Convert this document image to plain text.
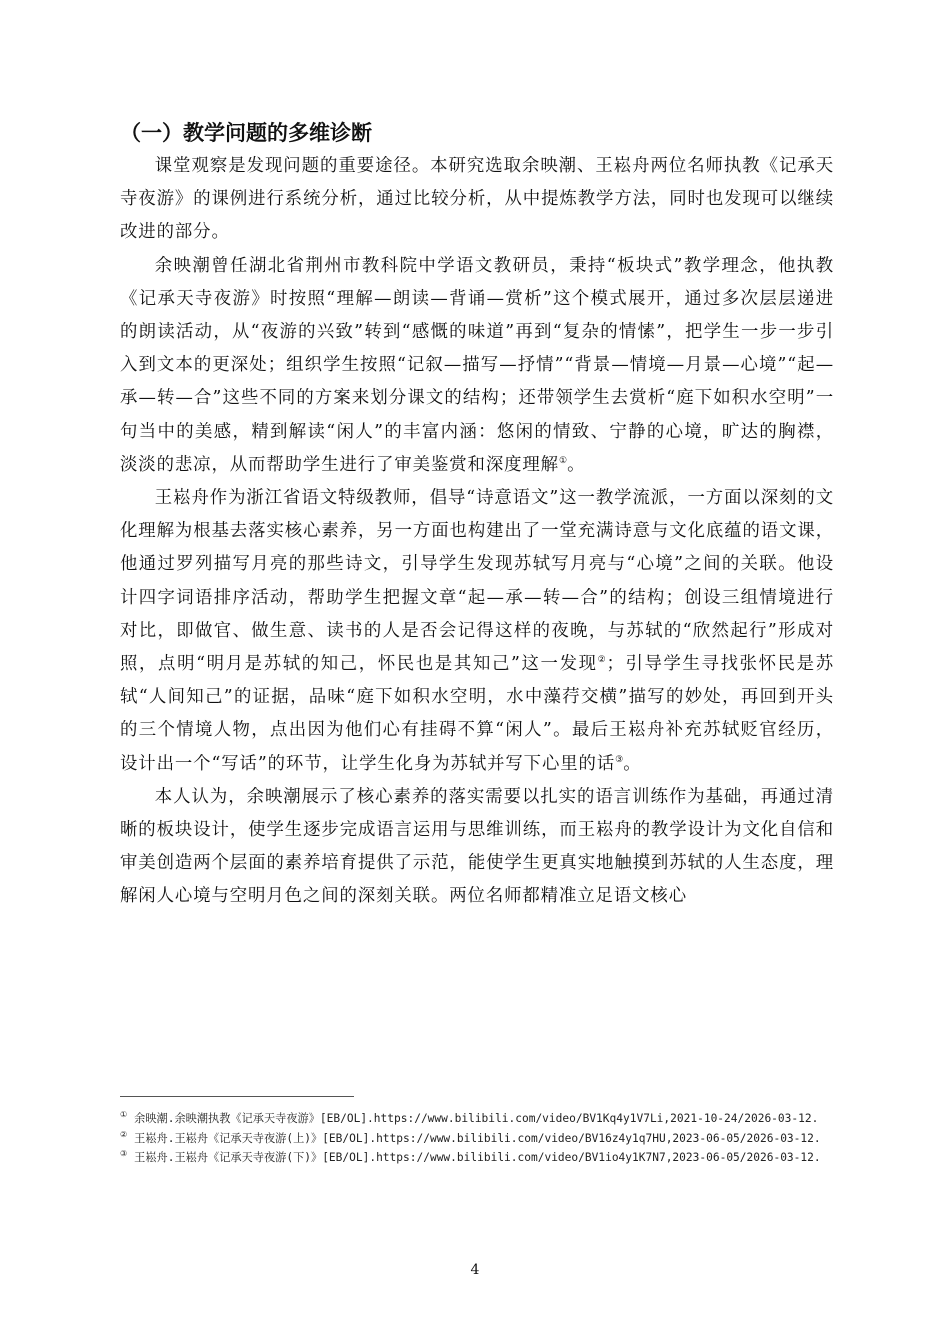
（一）教学问题的多维诊断

课堂观察是发现问题的重要途径。本研究选取余映潮、王崧舟两位名师执教《记承天寺夜游》的课例进行系统分析，通过比较分析，从中提炼教学方法，同时也发现可以继续改进的部分。

余映潮曾任湖北省荆州市教科院中学语文教研员，秉持“板块式”教学理念，他执教《记承天寺夜游》时按照“理解—朗读—背诵—赏析”这个模式展开，通过多次层层递进的朗读活动，从“夜游的兴致”转到“感慨的味道”再到“复杂的情愫”，把学生一步一步引入到文本的更深处；组织学生按照“记叙—描写—抒情”“背景—情境—月景—心境”“起—承—转—合”这些不同的方案来划分课文的结构；还带领学生去赏析“庭下如积水空明”一句当中的美感，精到解读“闲人”的丰富内涵：悠闲的情致、宁静的心境，旷达的胸襟，淡淡的悲凉，从而帮助学生进行了审美鉴赏和深度理解①。

王崧舟作为浙江省语文特级教师，倡导“诗意语文”这一教学流派，一方面以深刻的文化理解为根基去落实核心素养，另一方面也构建出了一堂充满诗意与文化底蕴的语文课，他通过罗列描写月亮的那些诗文，引导学生发现苏轼写月亮与“心境”之间的关联。他设计四字词语排序活动，帮助学生把握文章“起—承—转—合”的结构；创设三组情境进行对比，即做官、做生意、读书的人是否会记得这样的夜晚，与苏轼的“欣然起行”形成对照，点明“明月是苏轼的知己，怀民也是其知己”这一发现②；引导学生寻找张怀民是苏轼“人间知己”的证据，品味“庭下如积水空明，水中藻荇交横”描写的妙处，再回到开头的三个情境人物，点出因为他们心有挂碍不算“闲人”。最后王崧舟补充苏轼贬官经历，设计出一个“写话”的环节，让学生化身为苏轼并写下心里的话③。

本人认为，余映潮展示了核心素养的落实需要以扎实的语言训练作为基础，再通过清晰的板块设计，使学生逐步完成语言运用与思维训练，而王崧舟的教学设计为文化自信和审美创造两个层面的素养培育提供了示范，能使学生更真实地触摸到苏轼的人生态度，理解闲人心境与空明月色之间的深刻关联。两位名师都精准立足语文核心

① 余映潮.余映潮执教《记承天寺夜游》[EB/OL].https://www.bilibili.com/video/BV1Kq4y1V7Li,2021-10-24/2026-03-12.

② 王崧舟.王崧舟《记承天寺夜游(上)》[EB/OL].https://www.bilibili.com/video/BV16z4y1q7HU,2023-06-05/2026-03-12.

③ 王崧舟.王崧舟《记承天寺夜游(下)》[EB/OL].https://www.bilibili.com/video/BV1io4y1K7N7,2023-06-05/2026-03-12.

4
